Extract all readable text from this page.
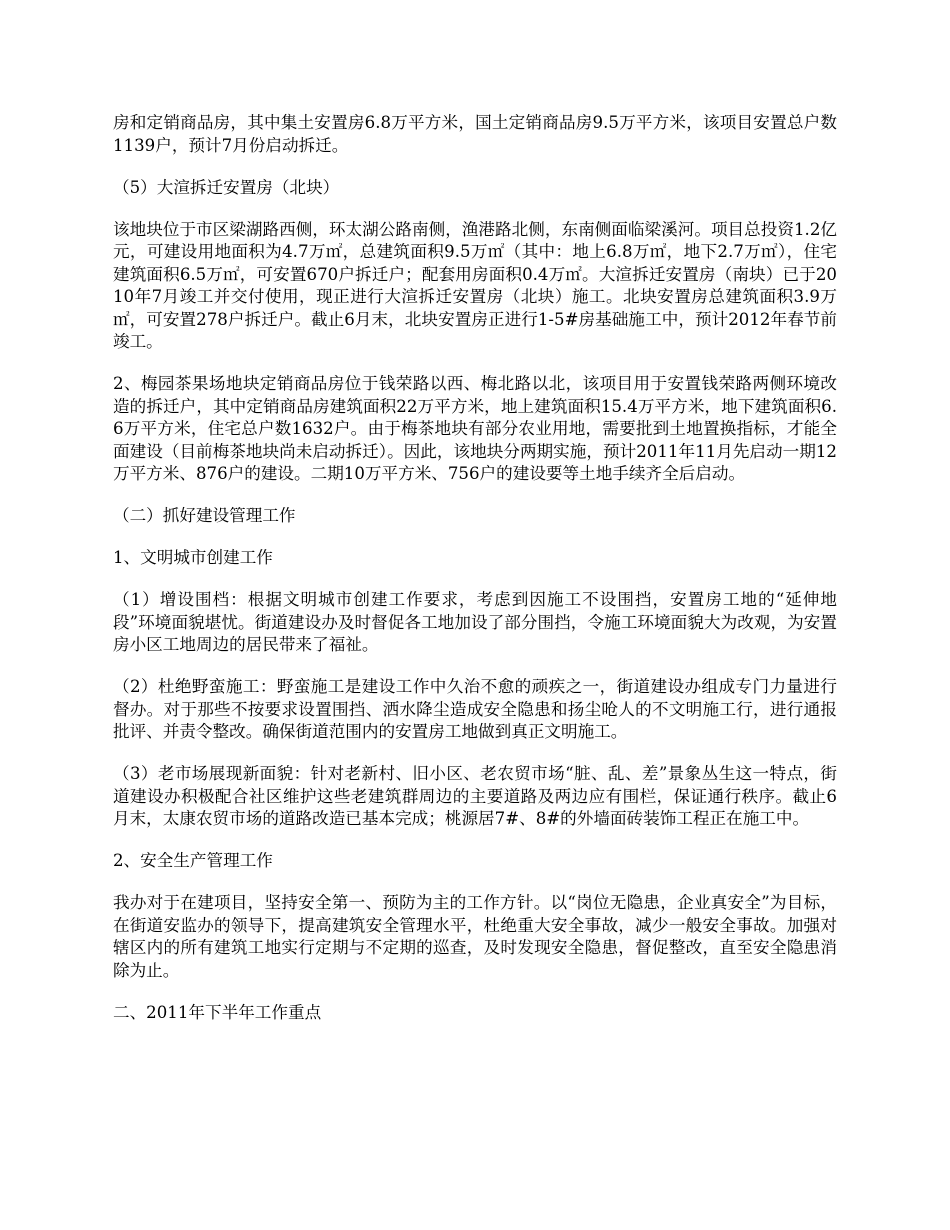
房和定销商品房，其中集土安置房6.8万平方米，国土定销商品房9.5万平方米，该项目安置总户数1139户，预计7月份启动拆迁。

（5）大渲拆迁安置房（北块）

该地块位于市区梁湖路西侧，环太湖公路南侧，渔港路北侧，东南侧面临梁溪河。项目总投资1.2亿元，可建设用地面积为4.7万㎡，总建筑面积9.5万㎡（其中：地上6.8万㎡，地下2.7万㎡），住宅建筑面积6.5万㎡，可安置670户拆迁户；配套用房面积0.4万㎡。大渲拆迁安置房（南块）已于2010年7月竣工并交付使用，现正进行大渲拆迁安置房（北块）施工。北块安置房总建筑面积3.9万㎡，可安置278户拆迁户。截止6月末，北块安置房正进行1-5#房基础施工中，预计2012年春节前竣工。

2、梅园茶果场地块定销商品房位于钱荣路以西、梅北路以北，该项目用于安置钱荣路两侧环境改造的拆迁户，其中定销商品房建筑面积22万平方米，地上建筑面积15.4万平方米，地下建筑面积6.6万平方米，住宅总户数1632户。由于梅茶地块有部分农业用地，需要批到土地置换指标，才能全面建设（目前梅茶地块尚未启动拆迁）。因此，该地块分两期实施，预计2011年11月先启动一期12万平方米、876户的建设。二期10万平方米、756户的建设要等土地手续齐全后启动。

（二）抓好建设管理工作

1、文明城市创建工作

（1）增设围档：根据文明城市创建工作要求，考虑到因施工不设围挡，安置房工地的“延伸地段”环境面貌堪忧。街道建设办及时督促各工地加设了部分围挡，令施工环境面貌大为改观，为安置房小区工地周边的居民带来了福祉。

（2）杜绝野蛮施工：野蛮施工是建设工作中久治不愈的顽疾之一，街道建设办组成专门力量进行督办。对于那些不按要求设置围挡、洒水降尘造成安全隐患和扬尘呛人的不文明施工行，进行通报批评、并责令整改。确保街道范围内的安置房工地做到真正文明施工。

（3）老市场展现新面貌：针对老新村、旧小区、老农贸市场“脏、乱、差”景象丛生这一特点，街道建设办积极配合社区维护这些老建筑群周边的主要道路及两边应有围栏，保证通行秩序。截止6月末，太康农贸市场的道路改造已基本完成；桃源居7#、8#的外墙面砖装饰工程正在施工中。

2、安全生产管理工作

我办对于在建项目，坚持安全第一、预防为主的工作方针。以“岗位无隐患，企业真安全”为目标，在街道安监办的领导下，提高建筑安全管理水平，杜绝重大安全事故，减少一般安全事故。加强对辖区内的所有建筑工地实行定期与不定期的巡查，及时发现安全隐患，督促整改，直至安全隐患消除为止。

二、2011年下半年工作重点
